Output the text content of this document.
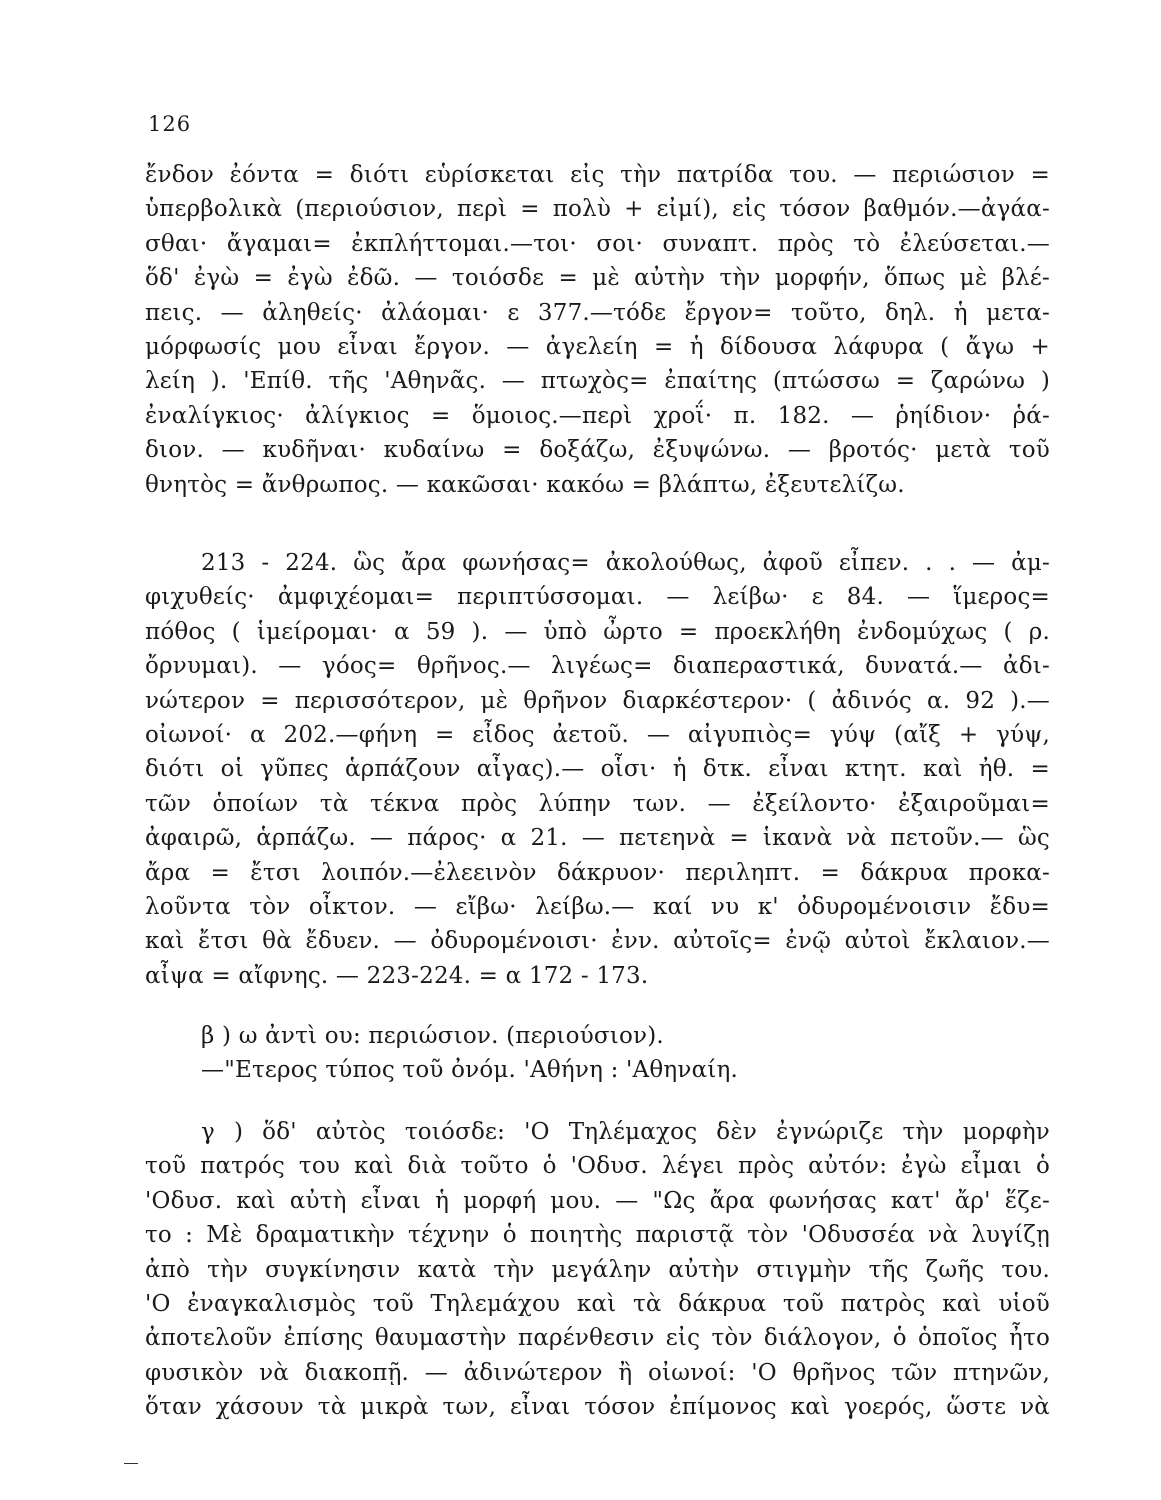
126
ἔνδον ἐόντα = διότι εὑρίσκεται εἰς τὴν πατρίδα του. — περιώσιον =
ὑπερβολικὰ (περιούσιον, περὶ = πολὺ + εἰμί), εἰς τόσον βαθμόν.—ἀγάα-
σθαι· ἄγαμαι= ἐκπλήττομαι.—τοι· σοι· συναπτ. πρὸς τὸ ἐλεύσεται.—
ὅδ' ἐγὼ = ἐγὼ ἐδῶ. — τοιόσδε = μὲ αὐτὴν τὴν μορφήν, ὅπως μὲ βλέ-
πεις. — ἀληθείς· ἀλάομαι· ε 377.—τόδε ἔργον= τοῦτο, δηλ. ἡ μετα-
μόρφωσίς μου εἶναι ἔργον. — ἀγελείη = ἡ δίδουσα λάφυρα ( ἄγω +
λείη ). 'Επίθ. τῆς 'Αθηνᾶς. — πτωχὸς= ἐπαίτης (πτώσσω = ζαρώνω )
ἐναλίγκιος· ἀλίγκιος = ὅμοιος.—περὶ χροΐ· π. 182. — ῥηίδιον· ῥά-
διον. — κυδῆναι· κυδαίνω = δοξάζω, ἐξυψώνω. — βροτός· μετὰ τοῦ
θνητὸς = ἄνθρωπος. — κακῶσαι· κακόω = βλάπτω, ἐξευτελίζω.
213 - 224. ὣς ἄρα φωνήσας= ἀκολούθως, ἀφοῦ εἶπεν. . . — ἀμ-
φιχυθείς· ἀμφιχέομαι= περιπτύσσομαι. — λείβω· ε 84. — ἵμερος=
πόθος ( ἱμείρομαι· α 59 ). — ὑπὸ ὦρτο = προεκλήθη ἐνδομύχως ( ρ.
ὄρνυμαι). — γόος= θρῆνος.— λιγέως= διαπεραστικά, δυνατά.— ἀδι-
νώτερον = περισσότερον, μὲ θρῆνον διαρκέστερον· ( ἀδινός α. 92 ).—
οἰωνοί· α 202.—φήνη = εἶδος ἀετοῦ. — αἰγυπιὸς= γύψ (αἴξ + γύψ,
διότι οἱ γῦπες ἁρπάζουν αἶγας).— οἷσι· ἡ δτκ. εἶναι κτητ. καὶ ἠθ. =
τῶν ὁποίων τὰ τέκνα πρὸς λύπην των. — ἐξείλοντο· ἐξαιροῦμαι=
ἀφαιρῶ, ἁρπάζω. — πάρος· α 21. — πετεηνὰ = ἱκανὰ νὰ πετοῦν.— ὣς
ἄρα = ἔτσι λοιπόν.—ἐλεεινὸν δάκρυον· περιληπτ. = δάκρυα προκα-
λοῦντα τὸν οἶκτον. — εἴβω· λείβω.— καί νυ κ' ὀδυρομένοισιν ἔδυ=
καὶ ἔτσι θὰ ἔδυεν. — ὀδυρομένοισι· ἐνν. αὐτοῖς= ἐνῷ αὐτοὶ ἔκλαιον.—
αἶψα = αἴφνης. — 223-224. = α 172 - 173.
β ) ω ἀντὶ ου: περιώσιον. (περιούσιον).
—"Ετερος τύπος τοῦ ὀνόμ. 'Αθήνη : 'Αθηναίη.
γ ) ὅδ' αὐτὸς τοιόσδε: 'Ο Τηλέμαχος δὲν ἐγνώριζε τὴν μορφὴν
τοῦ πατρός του καὶ διὰ τοῦτο ὁ 'Οδυσ. λέγει πρὸς αὐτόν: ἐγὼ εἶμαι ὁ
'Οδυσ. καὶ αὐτὴ εἶναι ἡ μορφή μου. — "Ως ἄρα φωνήσας κατ' ἄρ' ἕζε-
το : Μὲ δραματικὴν τέχνην ὁ ποιητὴς παριστᾷ τὸν 'Οδυσσέα νὰ λυγίζῃ
ἀπὸ τὴν συγκίνησιν κατὰ τὴν μεγάλην αὐτὴν στιγμὴν τῆς ζωῆς του.
'Ο ἐναγκαλισμὸς τοῦ Τηλεμάχου καὶ τὰ δάκρυα τοῦ πατρὸς καὶ υἱοῦ
ἀποτελοῦν ἐπίσης θαυμαστὴν παρένθεσιν εἰς τὸν διάλογον, ὁ ὁποῖος ἦτο
φυσικὸν νὰ διακοπῇ. — ἀδινώτερον ἢ οἰωνοί: 'Ο θρῆνος τῶν πτηνῶν,
ὅταν χάσουν τὰ μικρὰ των, εἶναι τόσον ἐπίμονος καὶ γοερός, ὥστε νὰ
